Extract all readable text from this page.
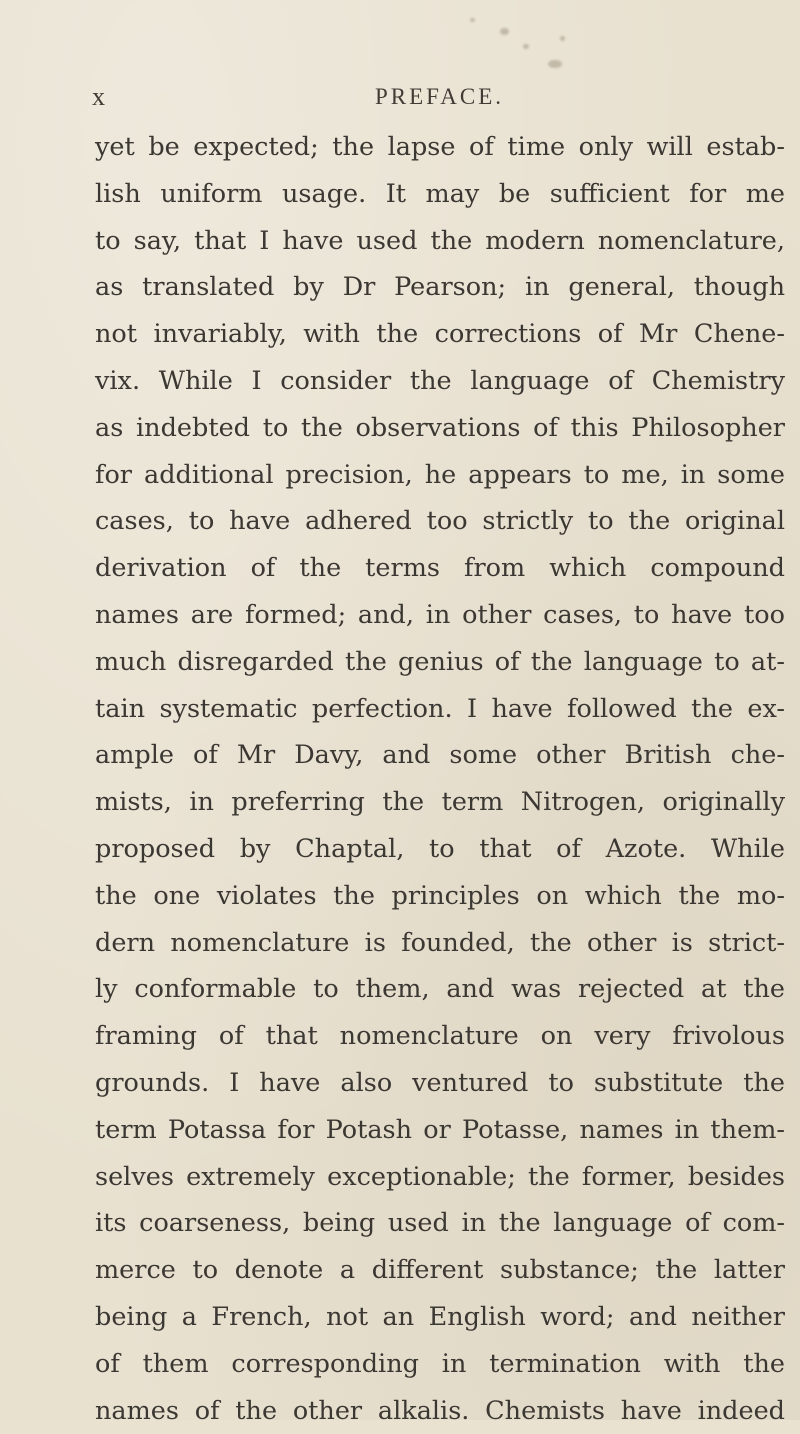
x	PREFACE.
yet be expected; the lapse of time only will estab-
lish uniform usage. It may be sufficient for me
to say, that I have used the modern nomenclature,
as translated by Dr Pearson; in general, though
not invariably, with the corrections of Mr Chene-
vix. While I consider the language of Chemistry
as indebted to the observations of this Philosopher
for additional precision, he appears to me, in some
cases, to have adhered too strictly to the original
derivation of the terms from which compound
names are formed; and, in other cases, to have too
much disregarded the genius of the language to at-
tain systematic perfection. I have followed the ex-
ample of Mr Davy, and some other British che-
mists, in preferring the term Nitrogen, originally
proposed by Chaptal, to that of Azote. While
the one violates the principles on which the mo-
dern nomenclature is founded, the other is strict-
ly conformable to them, and was rejected at the
framing of that nomenclature on very frivolous
grounds. I have also ventured to substitute the
term Potassa for Potash or Potasse, names in them-
selves extremely exceptionable; the former, besides
its coarseness, being used in the language of com-
merce to denote a different substance; the latter
being a French, not an English word; and neither
of them corresponding in termination with the
names of the other alkalis. Chemists have indeed
